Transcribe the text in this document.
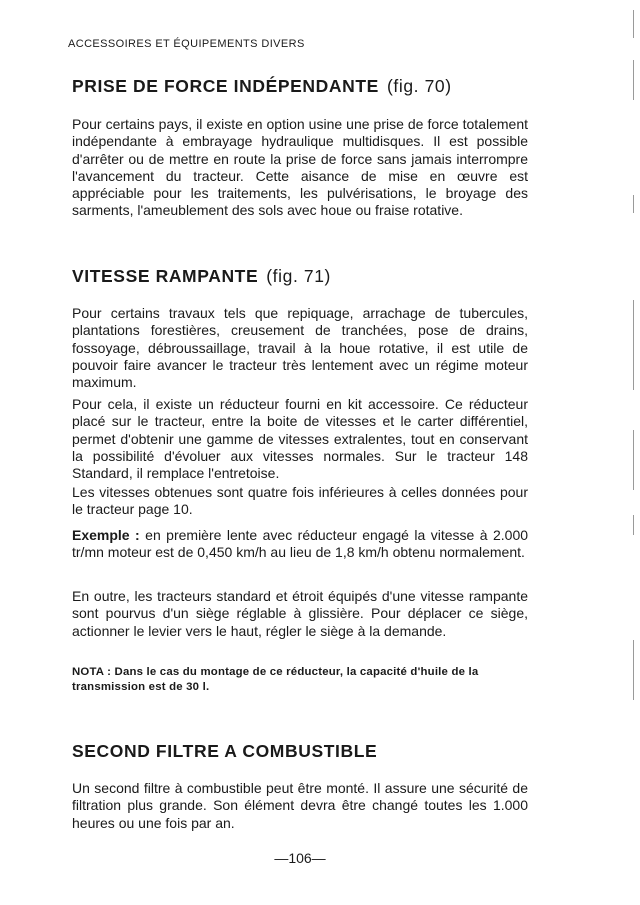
ACCESSOIRES ET ÉQUIPEMENTS DIVERS
PRISE DE FORCE INDÉPENDANTE (fig. 70)

Pour certains pays, il existe en option usine une prise de force totalement indépendante à embrayage hydraulique multidisques. Il est possible d'arrêter ou de mettre en route la prise de force sans jamais interrompre l'avancement du tracteur. Cette aisance de mise en œuvre est appréciable pour les traitements, les pulvérisations, le broyage des sarments, l'ameublement des sols avec houe ou fraise rotative.

VITESSE RAMPANTE (fig. 71)

Pour certains travaux tels que repiquage, arrachage de tubercules, plantations forestières, creusement de tranchées, pose de drains, fossoyage, débroussaillage, travail à la houe rotative, il est utile de pouvoir faire avancer le tracteur très lentement avec un régime moteur maximum.

Pour cela, il existe un réducteur fourni en kit accessoire. Ce réducteur placé sur le tracteur, entre la boite de vitesses et le carter différentiel, permet d'obtenir une gamme de vitesses extralentes, tout en conservant la possibilité d'évoluer aux vitesses normales. Sur le tracteur 148 Standard, il remplace l'entretoise.

Les vitesses obtenues sont quatre fois inférieures à celles données pour le tracteur page 10.

Exemple : en première lente avec réducteur engagé la vitesse à 2.000 tr/mn moteur est de 0,450 km/h au lieu de 1,8 km/h obtenu normalement.

En outre, les tracteurs standard et étroit équipés d'une vitesse rampante sont pourvus d'un siège réglable à glissière. Pour déplacer ce siège, actionner le levier vers le haut, régler le siège à la demande.

NOTA : Dans le cas du montage de ce réducteur, la capacité d'huile de la transmission est de 30 l.

SECOND FILTRE A COMBUSTIBLE

Un second filtre à combustible peut être monté. Il assure une sécurité de filtration plus grande. Son élément devra être changé toutes les 1.000 heures ou une fois par an.

—106—
